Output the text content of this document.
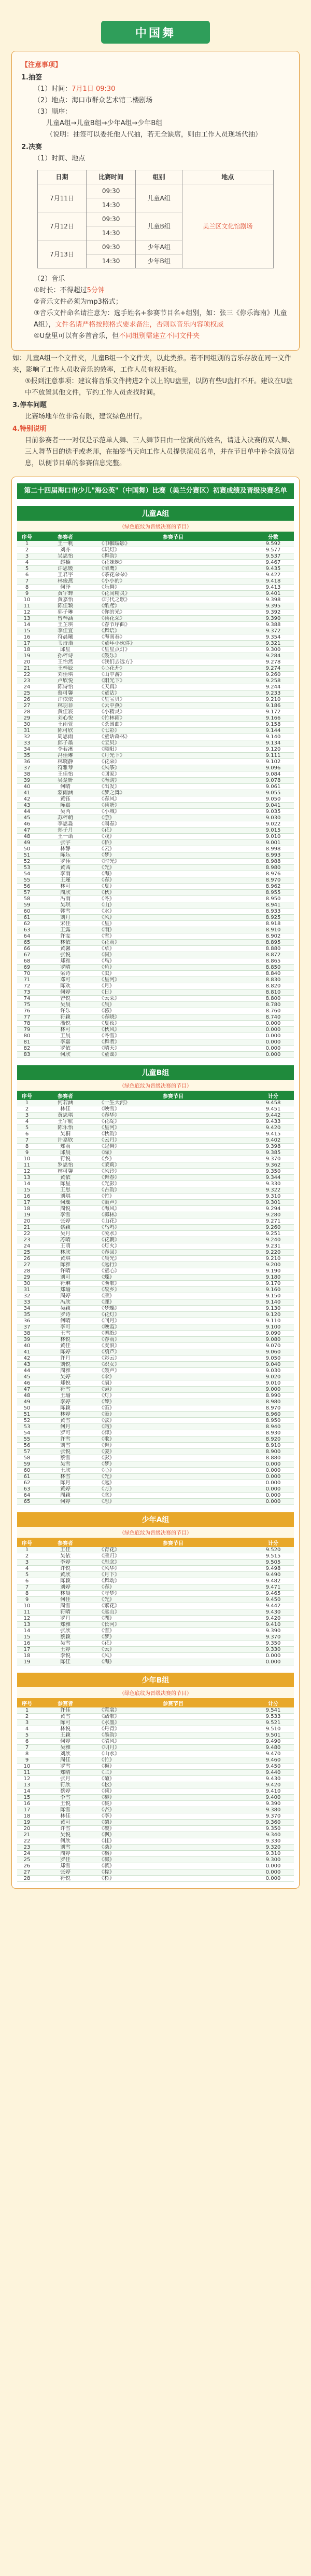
中国舞
【注意事项】
1.抽签
（1）时间：7月1日 09:30
（2）地点：海口市群众艺术馆二楼剧场
（3）顺序：
儿童A组→儿童B组→少年A组→少年B组
（说明：抽签可以委托他人代抽，若无全缺席，则由工作人员现场代抽）
2.决赛
（1）时间、地点
日期	比赛时间	组别	地点
7月11日	09:30	儿童A组	美兰区文化馆剧场
	14:30		
7月12日	09:30	儿童B组	
	14:30		
7月13日	09:30	少年A组	
	14:30	少年B组	
（2）音乐
①时长：不得超过5分钟
②音乐文件必须为mp3格式；
③音乐文件命名请注意为：选手姓名+参赛节目名+组别，如：张三《你乐海南》儿童A组），文件名请严格按照格式要求备注，否则以音乐内容项权威
④U盘里可以有多首音乐，但不同组别需建立不同文件夹
如：儿童A组一个文件夹，儿童B组一个文件夹，以此类推。若不同组别的音乐存放在同一文件夹，影响了工作人员收音乐的效率，工作人员有权拒收。
⑤报到注意事项：建议将音乐文件拷进2个以上的U盘里，以防有些U盘打不开。建议在U盘中不放置其他文件，节约工作人员查找时间。
3.停车问题
比赛场地车位非常有限，建议绿色出行。
4.特别说明
目前参赛者一一对仅是示范单人舞、三人舞节目由一位演员的姓名，请进入决赛的双人舞、三人舞节目的选手或老师，在抽签当天向工作人员提供演员名单，并在节目单中补全演员信息，以便节目单的参赛信息完整。
第二十四届海口市少儿"海公英"（中国舞）比赛（美兰分赛区）初赛成绩及晋级决赛名单
儿童A组
（绿色底纹为晋级决赛的节目）
序号	参赛者	参赛节目	分数
1	王一帆	《巾帼瑞影》	9.592
2	刘亦	《玩灯》	9.577
3	吴思怡	《舞韵》	9.537
4	赵楠	《花妹妹》	9.467
5	许思媛	《雏鹰》	9.435
6	王君宇	《茶花朵朵》	9.422
7	林俊燕	《小小的》	9.418
8	何泽	《乐舞》	9.413
9	黄宇蝉	《花间精灵》	9.401
10	黄嘉怡	《时代之歌》	9.398
11	陈佳颖	《纸鸢》	9.395
12	郭子琳	《你的光》	9.392
13	曾梓涵	《荷花朵》	9.390
14	王芷琪	《春节序曲》	9.388
15	李佳宜	《舞语》	9.372
16	符晨曦	《海南春》	9.354
17	韦诗语	《童年小伙伴》	9.321
18	邱星	《星星点灯》	9.300
19	孙梓诗	《鼓乐》	9.284
20	王怡然	《我们去远方》	9.278
21	王梓辰	《心花开》	9.274
22	刘佳琪	《山中游》	9.260
23	卢欣悦	《阳光下》	9.258
24	陈诗怡	《天真》	9.244
25	蔡可馨	《童话》	9.233
26	许依依	《星宝贝》	9.210
27	林羽菲	《云中燕》	9.186
28	黄佳宸	《小精灵》	9.172
29	刘心悦	《竹林雨》	9.166
30	王雨萱	《茶园曲》	9.158
31	陈可欣	《七彩》	9.144
32	周思雨	《童话森林》	9.140
33	邱子墨	《宝贝》	9.134
34	李若溪	《暖阳》	9.120
35	冯佳琳	《月光下》	9.111
36	林晓静	《花朵》	9.102
37	符雅琴	《风筝》	9.096
38	王佳怡	《回家》	9.084
39	吴楚妍	《海韵》	9.078
40	何晴	《出发》	9.061
41	蒙雨涵	《梦之舞》	9.055
42	黄钰	《春风》	9.050
43	陈嘉	《荷塘》	9.041
44	吴芮	《小城》	9.035
45	苏梓萌	《游》	9.030
46	李思淼	《闹春》	9.022
47	郑子月	《花》	9.015
48	王一诺	《戏》	9.010
49	张宇	《桥》	9.001
50	林静	《云》	8.998
51	陈乐	《梦》	8.993
52	罗佳	《时光》	8.988
53	黄茜	《光》	8.980
54	李雨	《海》	8.976
55	王瑾	《春》	8.970
56	林可	《夏》	8.962
57	周欣	《秋》	8.955
58	冯雨	《冬》	8.950
59	吴琪	《山》	8.941
60	韩雪	《水》	8.933
61	刘月	《风》	8.925
62	宋佳	《星》	8.918
63	王露	《雨》	8.910
64	许雯	《雪》	8.902
65	林依	《花雨》	8.895
66	黄馨	《草》	8.880
67	张悦	《树》	8.872
68	郑雅	《鸟》	8.865
69	罗晴	《鱼》	8.850
70	梁诗	《虫》	8.840
71	邓可	《星河》	8.830
72	陈欢	《月》	8.820
73	何婷	《日》	8.810
74	曾悦	《云朵》	8.800
75	吴晨	《晨》	8.780
76	许乐	《暮》	8.760
77	符颖	《春晓》	8.740
78	潘悦	《夏夜》	0.000
79	林可	《秋风》	0.000
80	王晨	《冬雪》	0.000
81	李嘉	《舞者》	0.000
82	罗依	《晴天》	0.000
83	何欣	《童谣》	0.000
儿童B组
（绿色底纹为晋级决赛的节目）
序号	参赛者	参赛节目	计分
1	何若涵	《一生大河》	9.458
2	林佳	《映雪》	9.451
3	黄思琪	《春华》	9.442
4	王宇航	《花绽》	9.433
5	陈乐怡	《星河》	9.420
6	吴桐	《秋韵》	9.415
7	许嘉欣	《云月》	9.402
8	郑雨	《起舞》	9.398
9	邱晨	《绿》	9.385
10	符悦	《乡》	9.370
11	罗思怡	《茉莉》	9.362
12	林可馨	《风铃》	9.350
13	黄依	《舞春》	9.344
14	陈星	《光影》	9.330
15	王思	《古韵》	9.322
16	刘琪	《竹》	9.310
17	何瑶	《笛声》	9.301
18	周悦	《海风》	9.294
19	李雪	《椰林》	9.280
20	张婷	《山花》	9.271
21	蔡颖	《鸟鸣》	9.260
22	吴月	《流水》	9.251
23	苏晴	《花朝》	9.240
24	王萌	《灯火》	9.231
25	林欣	《春回》	9.220
26	黄琪	《晨光》	9.210
27	陈雅	《远行》	9.200
28	许晴	《童心》	9.190
29	刘可	《蝶》	9.180
30	符琳	《渔歌》	9.170
31	郑瑜	《故乡》	9.160
32	周婷	《雁》	9.150
33	冯欣	《鹿》	9.140
34	吴颖	《梦蝶》	9.130
35	罗诗	《花灯》	9.120
36	何晴	《问月》	9.110
37	李可	《晚霞》	9.100
38	王雪	《剪纸》	9.090
39	林悦	《春雨》	9.080
40	黄佳	《麦浪》	9.070
41	陈婷	《葫芦》	9.060
42	许月	《彩云》	9.050
43	刘悦	《织女》	9.040
44	周雅	《鼓声》	9.030
45	吴婷	《伞》	9.020
46	郑悦	《扇》	9.010
47	符雪	《镜》	9.000
48	王瑜	《灯》	8.990
49	李婷	《琴》	8.980
50	陈颖	《笛》	8.970
51	林婷	《箫》	8.960
52	黄雪	《弦》	8.950
53	何月	《韵》	8.940
54	罗可	《律》	8.930
55	许雪	《歌》	8.920
56	刘雪	《舞》	8.910
57	张悦	《姿》	8.900
58	蔡雪	《影》	8.880
59	吴雪	《梦》	0.000
60	王欣	《心》	0.000
61	林雪	《光》	0.000
62	陈月	《远》	0.000
63	黄婷	《方》	0.000
64	周颖	《念》	0.000
65	何婷	《思》	0.000
少年A组
（绿色底纹为晋级决赛的节目）
序号	参赛者	参赛节目	计分
1	王佳	《青花》	9.520
2	吴依	《雁归》	9.515
3	李婷	《思念》	9.505
4	许悦	《风华》	9.498
5	黄欣	《月下》	9.490
6	陈颖	《舞动》	9.482
7	刘婷	《春》	9.471
8	林晨	《寻梦》	9.465
9	何佳	《光》	9.450
10	周雪	《繁花》	9.442
11	符晴	《远山》	9.430
12	罗月	《湖》	9.420
13	郑雅	《长河》	9.410
14	张欣	《雪》	9.390
15	蔡颖	《梦》	9.370
16	吴雪	《花》	9.350
17	王婷	《云》	9.330
18	李悦	《风》	0.000
19	陈佳	《海》	0.000
少年B组
（绿色底纹为晋级决赛的节目）
序号	参赛者	参赛节目	计分
1	许佳	《霓裳》	9.541
2	黄雪	《踏歌》	9.533
3	陈可	《水墨》	9.521
4	林悦	《丹青》	9.510
5	王颖	《墨韵》	9.501
6	何婷	《清风》	9.490
7	吴雅	《明月》	9.480
8	刘欣	《山水》	9.470
9	周佳	《竹》	9.460
10	罗雪	《梅》	9.450
11	郑晴	《兰》	9.440
12	张月	《菊》	9.430
13	符欣	《松》	9.420
14	蔡婷	《荷》	9.410
15	李雪	《柳》	9.400
16	王悦	《桃》	9.390
17	陈雪	《杏》	9.380
18	林佳	《李》	9.370
19	黄可	《梨》	9.360
20	许雪	《樱》	9.350
21	吴悦	《枫》	9.340
22	何欣	《桂》	9.330
23	刘雪	《桑》	9.320
24	周婷	《榕》	9.310
25	罗佳	《椰》	9.300
26	郑雪	《槟》	0.000
27	张婷	《棕》	0.000
28	符悦	《杉》	0.000
